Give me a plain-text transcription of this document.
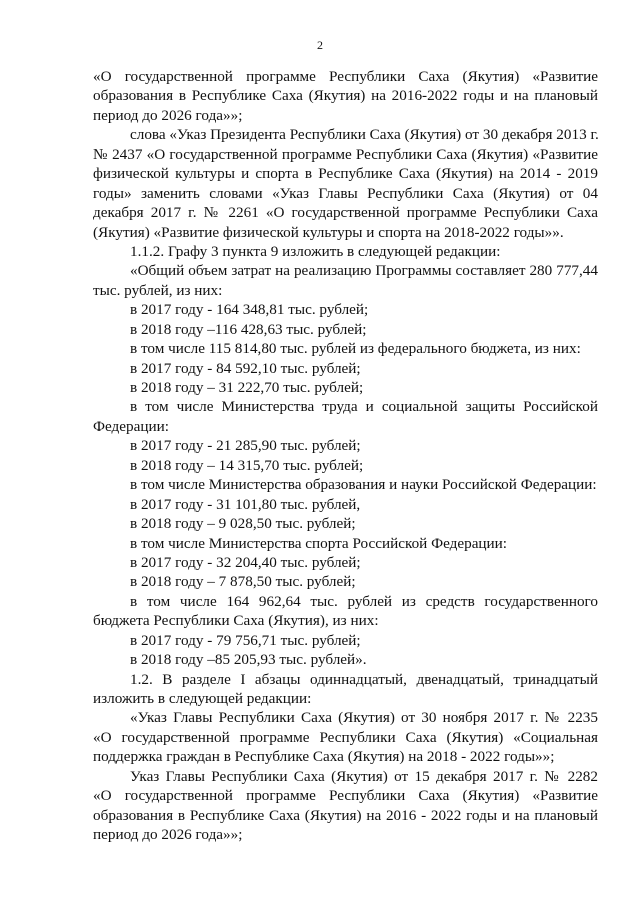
2
«О государственной программе Республики Саха (Якутия) «Развитие
образования в Республике Саха (Якутия) на 2016-2022 годы и на плановый
период до 2026 года»»;
слова «Указ Президента Республики Саха (Якутия) от 30 декабря 2013 г.
№ 2437 «О государственной программе Республики Саха (Якутия) «Развитие
физической культуры и спорта в Республике Саха (Якутия) на 2014 - 2019
годы» заменить словами «Указ Главы Республики Саха (Якутия) от 04
декабря 2017 г. № 2261 «О государственной программе Республики Саха
(Якутия) «Развитие физической культуры и спорта на 2018-2022 годы»».
1.1.2. Графу 3 пункта 9 изложить в следующей редакции:
«Общий объем затрат на реализацию Программы составляет 280 777,44
тыс. рублей, из них:
в 2017 году - 164 348,81 тыс. рублей;
в 2018 году –116 428,63 тыс. рублей;
в том числе 115 814,80 тыс. рублей из федерального бюджета, из них:
в 2017 году - 84 592,10 тыс. рублей;
в 2018 году – 31 222,70 тыс. рублей;
в том числе Министерства труда и социальной защиты Российской
Федерации:
в 2017 году - 21 285,90 тыс. рублей;
в 2018 году – 14 315,70 тыс. рублей;
в том числе Министерства образования и науки Российской Федерации:
в 2017 году - 31 101,80 тыс. рублей,
в 2018 году – 9 028,50 тыс. рублей;
в том числе Министерства спорта Российской Федерации:
в 2017 году - 32 204,40 тыс. рублей;
в 2018 году – 7 878,50 тыс. рублей;
в том числе 164 962,64 тыс. рублей из средств государственного
бюджета Республики Саха (Якутия), из них:
в 2017 году - 79 756,71 тыс. рублей;
в 2018 году –85 205,93 тыс. рублей».
1.2. В разделе I абзацы одиннадцатый, двенадцатый, тринадцатый
изложить в следующей редакции:
«Указ Главы Республики Саха (Якутия) от 30 ноября 2017 г. № 2235
«О государственной программе Республики Саха (Якутия) «Социальная
поддержка граждан в Республике Саха (Якутия) на 2018 - 2022 годы»»;
Указ Главы Республики Саха (Якутия) от 15 декабря 2017 г. № 2282
«О государственной программе Республики Саха (Якутия) «Развитие
образования в Республике Саха (Якутия) на 2016 - 2022 годы и на плановый
период до 2026 года»»;
